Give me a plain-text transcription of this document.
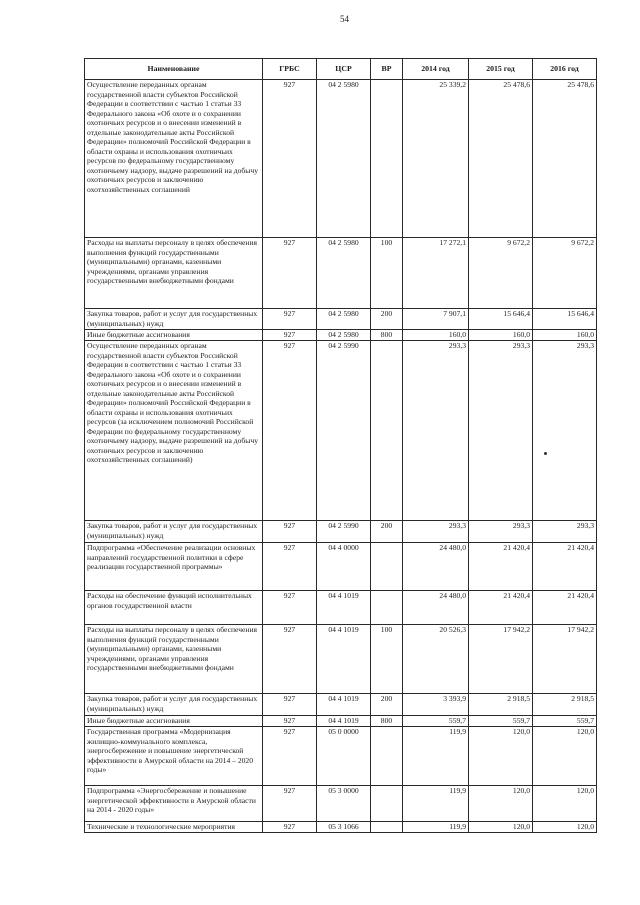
54
Наименование	ГРБС	ЦСР	ВР	2014 год	2015 год	2016 год
Осуществление переданных органам государственной власти субъектов Российской Федерации в соответствии с частью 1 статьи 33 Федерального закона «Об охоте и о сохранении охотничьих ресурсов и о внесении изменений в отдельные законодательные акты Российской Федерации» полномочий Российской Федерации в области охраны и использования охотничьих ресурсов по федеральному государственному охотничьему надзору, выдаче разрешений на добычу охотничьих ресурсов и заключению охотхозяйственных соглашений	927	04 2 5980		25 339,2	25 478,6	25 478,6
Расходы на выплаты персоналу в целях обеспечения выполнения функций государственными (муниципальными) органами, казенными учреждениями, органами управления государственными внебюджетными фондами	927	04 2 5980	100	17 272,1	9 672,2	9 672,2
Закупка товаров, работ и услуг для государственных (муниципальных) нужд	927	04 2 5980	200	7 907,1	15 646,4	15 646,4
Иные бюджетные ассигнования	927	04 2 5980	800	160,0	160,0	160,0
Осуществление переданных органам государственной власти субъектов Российской Федерации в соответствии с частью 1 статьи 33 Федерального закона «Об охоте и о сохранении охотничьих ресурсов и о внесении изменений в отдельные законодательные акты Российской Федерации» полномочий Российской Федерации в области охраны и использования охотничьих ресурсов (за исключением полномочий Российской Федерации по федеральному государственному охотничьему надзору, выдаче разрешений на добычу охотничьих ресурсов и заключению охотхозяйственных соглашений)	927	04 2 5990		293,3	293,3	293,3
Закупка товаров, работ и услуг для государственных (муниципальных) нужд	927	04 2 5990	200	293,3	293,3	293,3
Подпрограмма «Обеспечение реализации основных направлений государственной политики в сфере реализации государственной программы»	927	04 4 0000		24 480,0	21 420,4	21 420,4
Расходы на обеспечение функций исполнительных органов государственной власти	927	04 4 1019		24 480,0	21 420,4	21 420,4
Расходы на выплаты персоналу в целях обеспечения выполнения функций государственными (муниципальными) органами, казенными учреждениями, органами управления государственными внебюджетными фондами	927	04 4 1019	100	20 526,3	17 942,2	17 942,2
Закупка товаров, работ и услуг для государственных (муниципальных) нужд	927	04 4 1019	200	3 393,9	2 918,5	2 918,5
Иные бюджетные ассигнования	927	04 4 1019	800	559,7	559,7	559,7
Государственная программа «Модернизация жилищно-коммунального комплекса, энергосбережение и повышение энергетической эффективности в Амурской области на 2014 – 2020 годы»	927	05 0 0000		119,9	120,0	120,0
Подпрограмма «Энергосбережение и повышение энергетической эффективности в Амурской области на 2014 - 2020 годы»	927	05 3 0000		119,9	120,0	120,0
Технические и технологические мероприятия	927	05 3 1066		119,9	120,0	120,0
